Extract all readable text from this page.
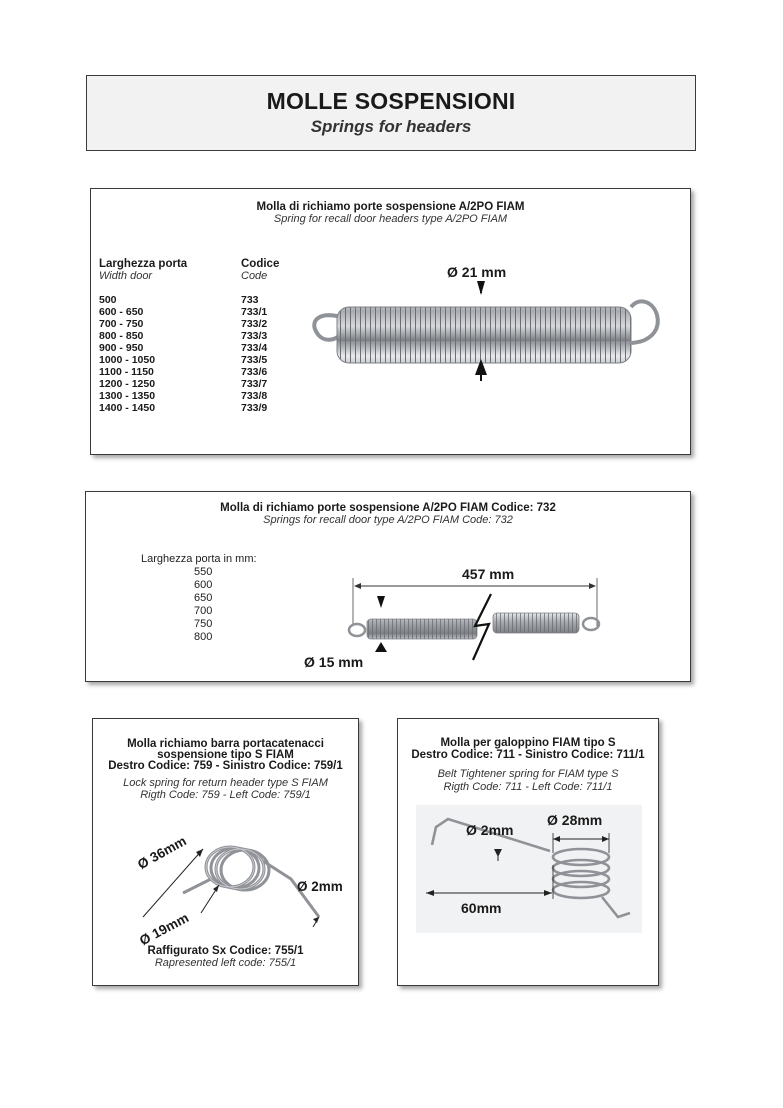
MOLLE SOSPENSIONI
Springs for headers
Molla di richiamo porte sospensione A/2PO FIAM
Spring for recall door headers type A/2PO FIAM
Larghezza porta
Width door
Codice
Code
500	733
600 - 650	733/1
700 - 750	733/2
800 - 850	733/3
900 - 950	733/4
1000 - 1050	733/5
1100 - 1150	733/6
1200 - 1250	733/7
1300 - 1350	733/8
1400 - 1450	733/9
Ø 21 mm
Molla di richiamo porte sospensione A/2PO FIAM Codice: 732
Springs for recall door type A/2PO FIAM Code: 732
Larghezza porta in mm:
550
600
650
700
750
800
457 mm
Ø 15 mm
Molla richiamo barra portacatenacci
sospensione tipo S FIAM
Destro Codice: 759 - Sinistro Codice: 759/1
Lock spring for return header type S FIAM
Rigth Code: 759 - Left Code: 759/1
Ø 36mm
Ø 19mm
Ø 2mm
Raffigurato Sx Codice: 755/1
Rapresented left code: 755/1
Molla per galoppino FIAM tipo S
Destro Codice: 711 - Sinistro Codice: 711/1
Belt Tightener spring for FIAM type S
Rigth Code: 711 - Left Code: 711/1
Ø 2mm
Ø 28mm
60mm
